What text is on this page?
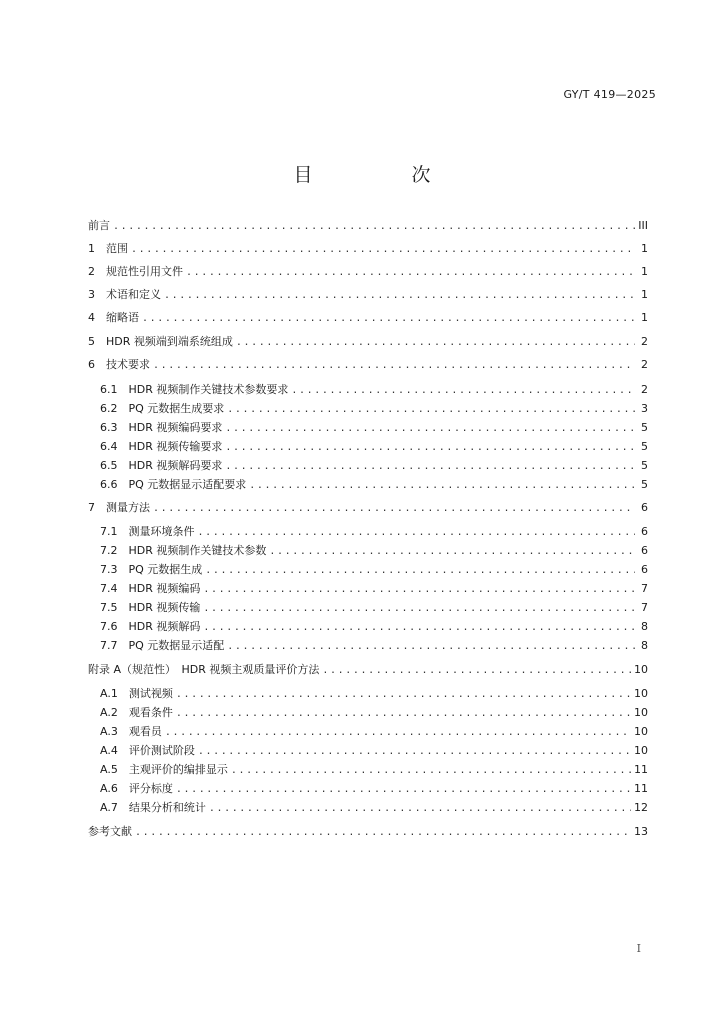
GY/T 419—2025
目　次
前言 .....	III
1　范围 .....	1
2　规范性引用文件 .....	1
3　术语和定义 .....	1
4　缩略语 .....	1
5　HDR 视频端到端系统组成 .....	2
6　技术要求 .....	2
6.1　HDR 视频制作关键技术参数要求 .....	2
6.2　PQ 元数据生成要求 .....	3
6.3　HDR 视频编码要求 .....	5
6.4　HDR 视频传输要求 .....	5
6.5　HDR 视频解码要求 .....	5
6.6　PQ 元数据显示适配要求 .....	5
7　测量方法 .....	6
7.1　测量环境条件 .....	6
7.2　HDR 视频制作关键技术参数 .....	6
7.3　PQ 元数据生成 .....	6
7.4　HDR 视频编码 .....	7
7.5　HDR 视频传输 .....	7
7.6　HDR 视频解码 .....	8
7.7　PQ 元数据显示适配 .....	8
附录 A（规范性）　HDR 视频主观质量评价方法 .....	10
A.1　测试视频 .....	10
A.2　观看条件 .....	10
A.3　观看员 .....	10
A.4　评价测试阶段 .....	10
A.5　主观评价的编排显示 .....	11
A.6　评分标度 .....	11
A.7　结果分析和统计 .....	12
参考文献 .....	13
I
